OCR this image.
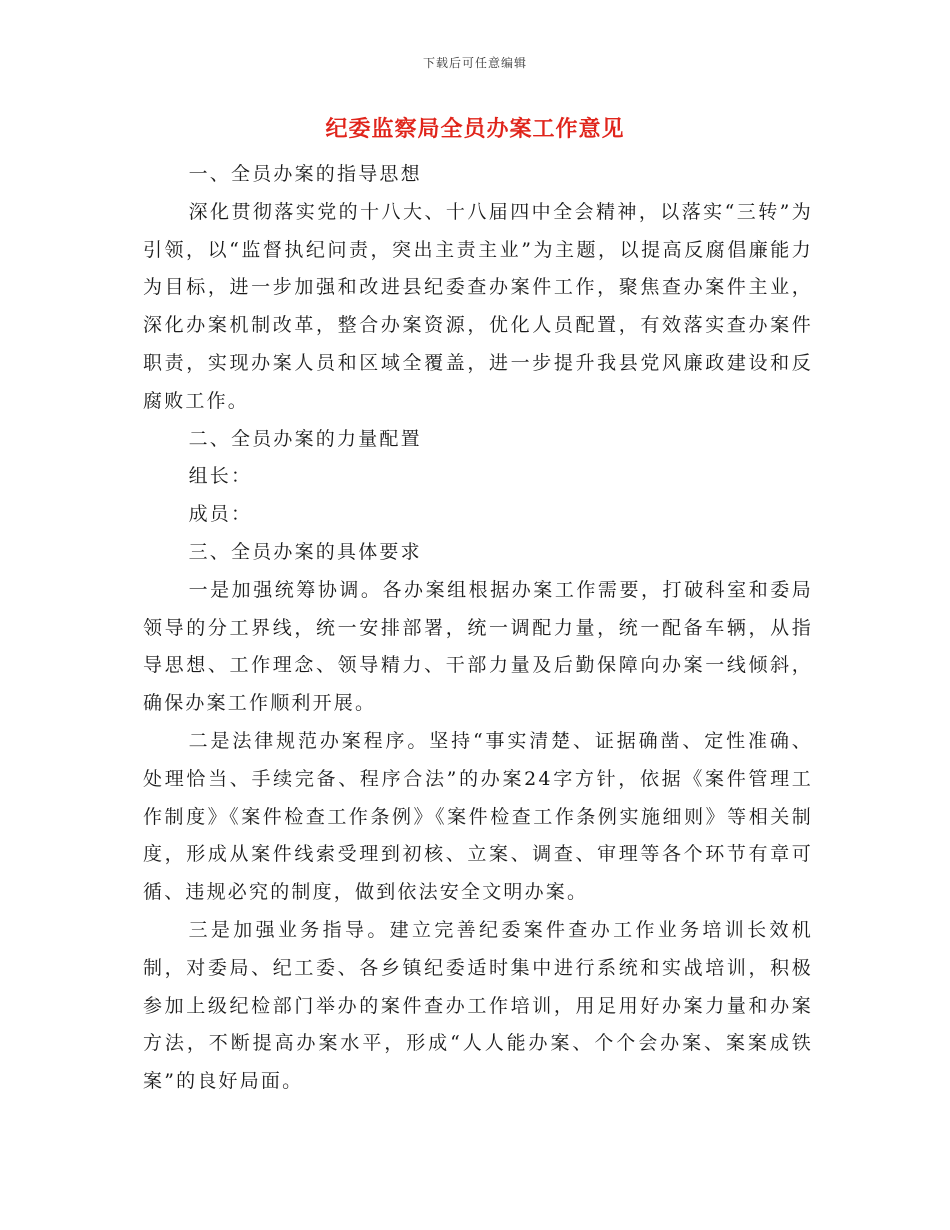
下载后可任意编辑
纪委监察局全员办案工作意见

一、全员办案的指导思想

深化贯彻落实党的十八大、十八届四中全会精神，以落实“三转”为引领，以“监督执纪问责，突出主责主业”为主题，以提高反腐倡廉能力为目标，进一步加强和改进县纪委查办案件工作，聚焦查办案件主业，深化办案机制改革，整合办案资源，优化人员配置，有效落实查办案件职责，实现办案人员和区域全覆盖，进一步提升我县党风廉政建设和反腐败工作。

二、全员办案的力量配置

组长：

成员：

三、全员办案的具体要求

一是加强统筹协调。各办案组根据办案工作需要，打破科室和委局领导的分工界线，统一安排部署，统一调配力量，统一配备车辆，从指导思想、工作理念、领导精力、干部力量及后勤保障向办案一线倾斜，确保办案工作顺利开展。

二是法律规范办案程序。坚持“事实清楚、证据确凿、定性准确、处理恰当、手续完备、程序合法”的办案24字方针，依据《案件管理工作制度》《案件检查工作条例》《案件检查工作条例实施细则》等相关制度，形成从案件线索受理到初核、立案、调查、审理等各个环节有章可循、违规必究的制度，做到依法安全文明办案。

三是加强业务指导。建立完善纪委案件查办工作业务培训长效机制，对委局、纪工委、各乡镇纪委适时集中进行系统和实战培训，积极参加上级纪检部门举办的案件查办工作培训，用足用好办案力量和办案方法，不断提高办案水平，形成“人人能办案、个个会办案、案案成铁案”的良好局面。
